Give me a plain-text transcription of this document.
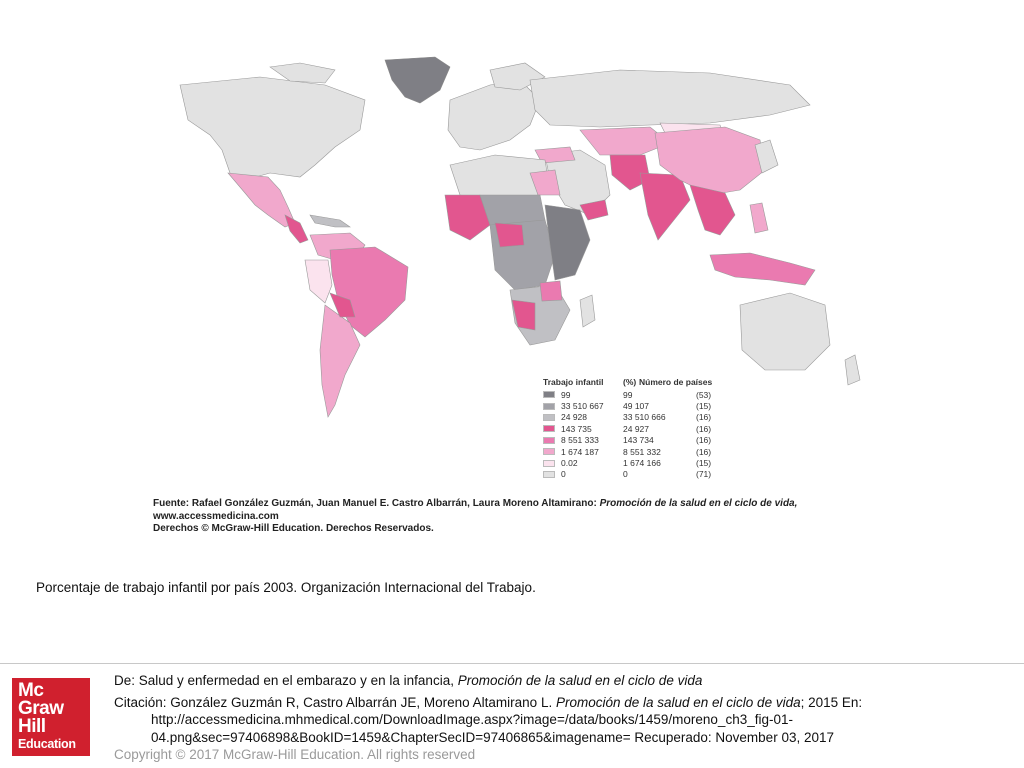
Trabajo infantil	(%) Número de países
99	99	(53)
33 510 667	49 107	(15)
24 928	33 510 666	(16)
143 735	24 927	(16)
8 551 333	143 734	(16)
1 674 187	8 551 332	(16)
0.02	1 674 166	(15)
0	0	(71)
Fuente: Rafael González Guzmán, Juan Manuel E. Castro Albarrán, Laura Moreno Altamirano: Promoción de la salud en el ciclo de vida,
www.accessmedicina.com
Derechos © McGraw-Hill Education. Derechos Reservados.
Porcentaje de trabajo infantil por país 2003. Organización Internacional del Trabajo.
Mc
Graw
Hill
Education
De: Salud y enfermedad en el embarazo y en la infancia, Promoción de la salud en el ciclo de vida
Citación: González Guzmán R, Castro Albarrán JE, Moreno Altamirano L. Promoción de la salud en el ciclo de vida; 2015 En:
http://accessmedicina.mhmedical.com/DownloadImage.aspx?image=/data/books/1459/moreno_ch3_fig-01-
04.png&sec=97406898&BookID=1459&ChapterSecID=97406865&imagename= Recuperado: November 03, 2017
Copyright © 2017 McGraw-Hill Education. All rights reserved
